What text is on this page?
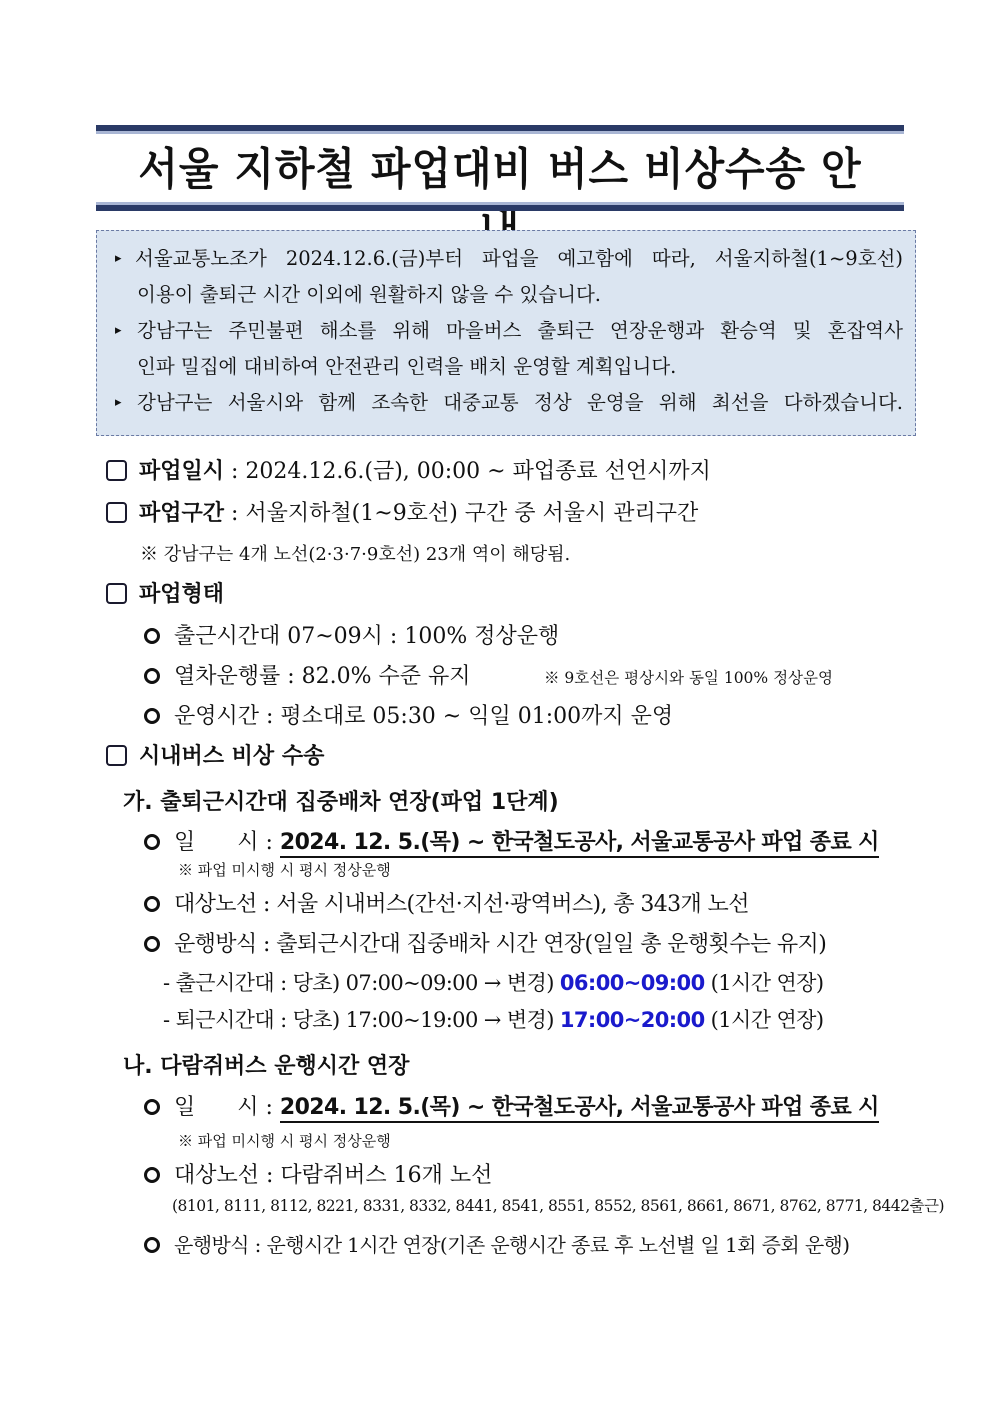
서울 지하철 파업대비 버스 비상수송 안
▸ 서울교통노조가 2024.12.6.(금)부터 파업을 예고함에 따라, 서울지하철(1~9호선)
이용이 출퇴근 시간 이외에 원활하지 않을 수 있습니다.
▸ 강남구는 주민불편 해소를 위해 마을버스 출퇴근 연장운행과 환승역 및 혼잡역사
인파 밀집에 대비하여 안전관리 인력을 배치 운영할 계획입니다.
▸ 강남구는 서울시와 함께 조속한 대중교통 정상 운영을 위해 최선을 다하겠습니다.
파업일시 : 2024.12.6.(금), 00:00 ~ 파업종료 선언시까지
파업구간 : 서울지하철(1~9호선) 구간 중 서울시 관리구간
※ 강남구는 4개 노선(2·3·7·9호선) 23개 역이 해당됨.
파업형태
출근시간대 07~09시 : 100% 정상운행
열차운행률 : 82.0% 수준 유지	※ 9호선은 평상시와 동일 100% 정상운영
운영시간 : 평소대로 05:30 ~ 익일 01:00까지 운영
시내버스 비상 수송
가. 출퇴근시간대 집중배차 연장(파업 1단계)
일      시 : 2024. 12. 5.(목) ~ 한국철도공사, 서울교통공사 파업 종료 시
※ 파업 미시행 시 평시 정상운행
대상노선 : 서울 시내버스(간선·지선·광역버스), 총 343개 노선
운행방식 : 출퇴근시간대 집중배차 시간 연장(일일 총 운행횟수는 유지)
- 출근시간대 : 당초) 07:00~09:00 → 변경) 06:00~09:00 (1시간 연장)
- 퇴근시간대 : 당초) 17:00~19:00 → 변경) 17:00~20:00 (1시간 연장)
나. 다람쥐버스 운행시간 연장
일      시 : 2024. 12. 5.(목) ~ 한국철도공사, 서울교통공사 파업 종료 시
※ 파업 미시행 시 평시 정상운행
대상노선 : 다람쥐버스 16개 노선
(8101, 8111, 8112, 8221, 8331, 8332, 8441, 8541, 8551, 8552, 8561, 8661, 8671, 8762, 8771, 8442출근)
운행방식 : 운행시간 1시간 연장(기존 운행시간 종료 후 노선별 일 1회 증회 운행)
